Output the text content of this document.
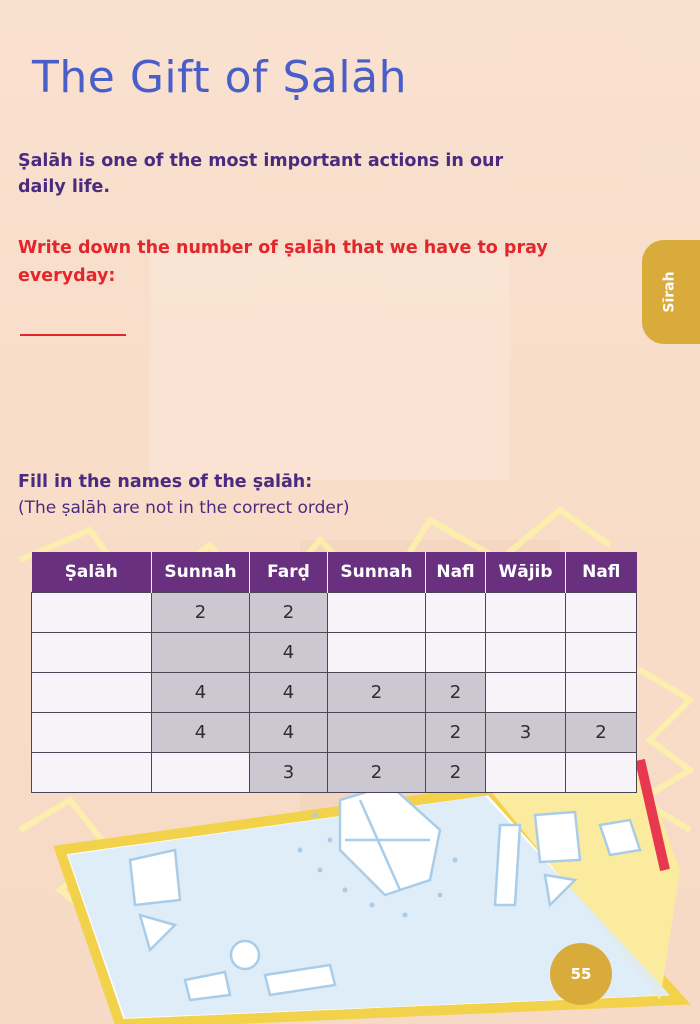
The Gift of Ṣalāh

Ṣalāh is one of the most important actions in our daily life.

Write down the number of ṣalāh that we have to pray everyday:

Fill in the names of the ṣalāh:

(The ṣalāh are not in the correct order)

Sīrah
Ṣalāh	Sunnah	Farḍ	Sunnah	Nafl	Wājib	Nafl
	2	2				
		4				
	4	4	2	2		
	4	4		2	3	2
		3	2	2		
55
